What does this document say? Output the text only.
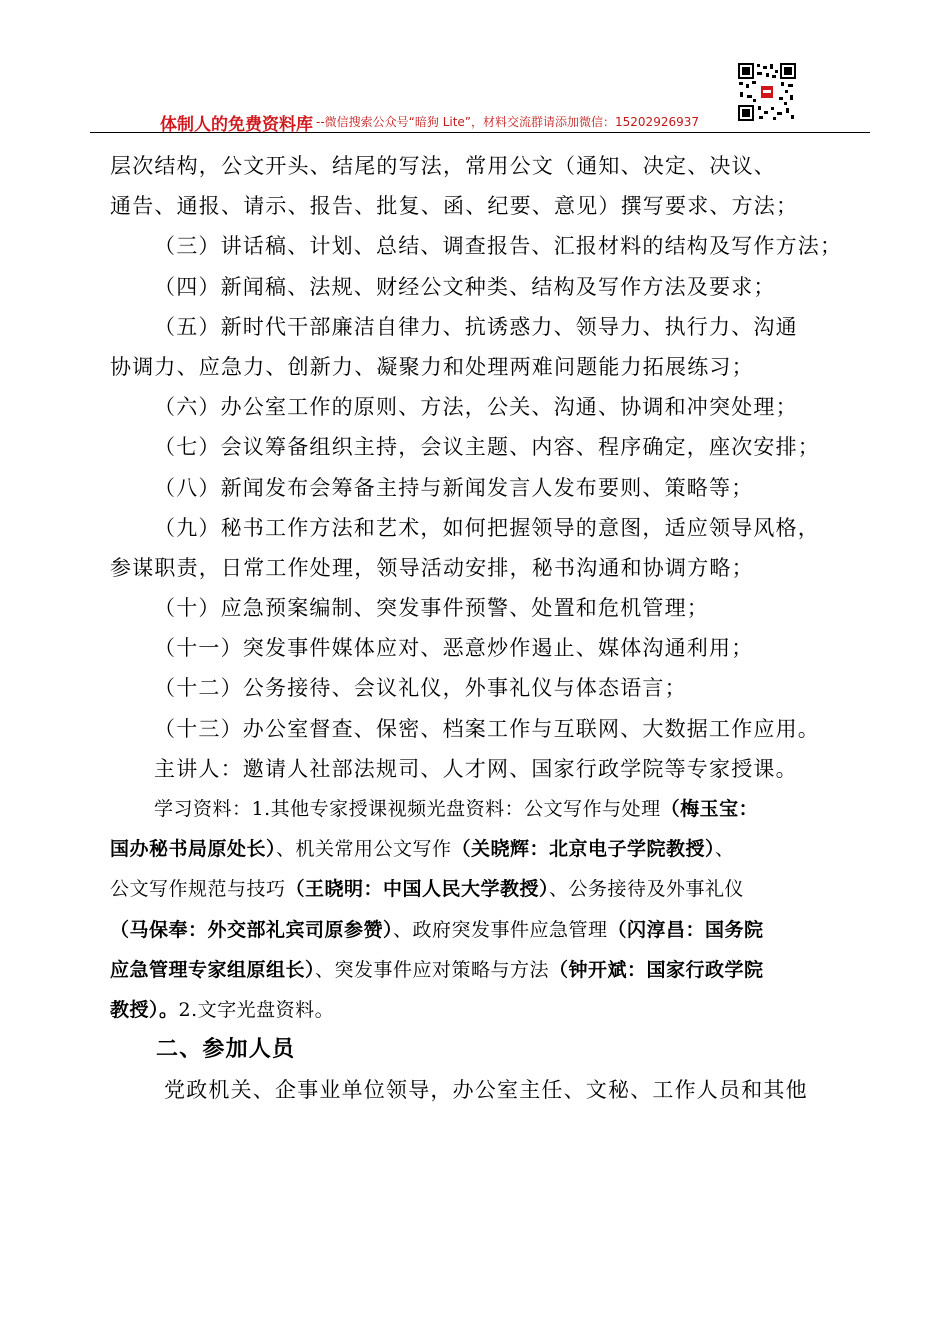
体制人的免费资料库 --微信搜索公众号“暗狗 Lite”，材料交流群请添加微信：15202926937
层次结构，公文开头、结尾的写法，常用公文（通知、决定、决议、
通告、通报、请示、报告、批复、函、纪要、意见）撰写要求、方法；
（三）讲话稿、计划、总结、调查报告、汇报材料的结构及写作方法；
（四）新闻稿、法规、财经公文种类、结构及写作方法及要求；
（五）新时代干部廉洁自律力、抗诱惑力、领导力、执行力、沟通
协调力、应急力、创新力、凝聚力和处理两难问题能力拓展练习；
（六）办公室工作的原则、方法，公关、沟通、协调和冲突处理；
（七）会议筹备组织主持，会议主题、内容、程序确定，座次安排；
（八）新闻发布会筹备主持与新闻发言人发布要则、策略等；
（九）秘书工作方法和艺术，如何把握领导的意图，适应领导风格，
参谋职责，日常工作处理，领导活动安排，秘书沟通和协调方略；
（十）应急预案编制、突发事件预警、处置和危机管理；
（十一）突发事件媒体应对、恶意炒作遏止、媒体沟通利用；
（十二）公务接待、会议礼仪，外事礼仪与体态语言；
（十三）办公室督查、保密、档案工作与互联网、大数据工作应用。
主讲人：邀请人社部法规司、人才网、国家行政学院等专家授课。
学习资料：1.其他专家授课视频光盘资料：公文写作与处理（梅玉宝：
国办秘书局原处长）、机关常用公文写作（关晓辉：北京电子学院教授）、
公文写作规范与技巧（王晓明：中国人民大学教授）、公务接待及外事礼仪
（马保奉：外交部礼宾司原参赞）、政府突发事件应急管理（闪淳昌：国务院
应急管理专家组原组长）、突发事件应对策略与方法（钟开斌：国家行政学院
教授）。2.文字光盘资料。
二、参加人员
党政机关、企事业单位领导，办公室主任、文秘、工作人员和其他
